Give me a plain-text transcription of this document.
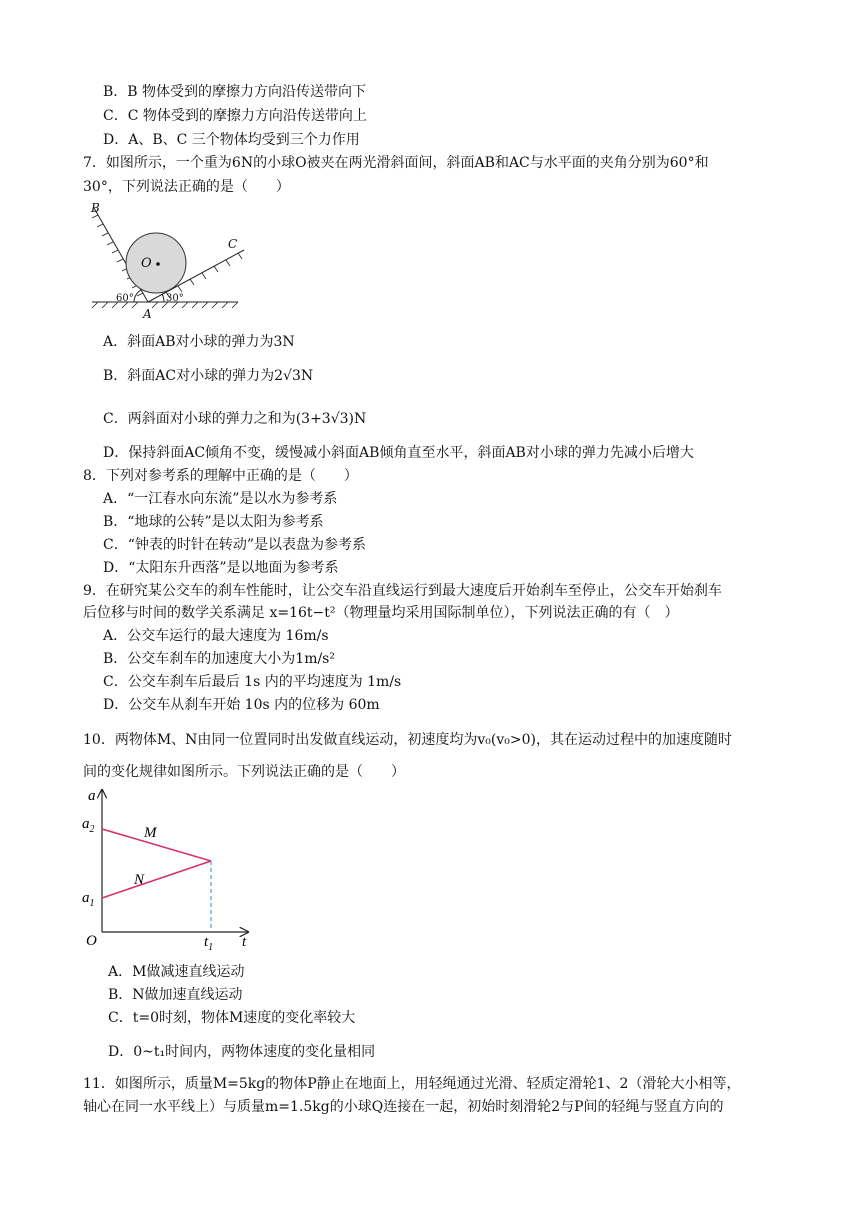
B．B 物体受到的摩擦力方向沿传送带向下
C．C 物体受到的摩擦力方向沿传送带向上
D．A、B、C 三个物体均受到三个力作用
7．如图所示，一个重为6N的小球O被夹在两光滑斜面间，斜面AB和AC与水平面的夹角分别为60°和
30°，下列说法正确的是（　　）
B
C
O
A
60°	30°
A．斜面AB对小球的弹力为3N
B．斜面AC对小球的弹力为2√3N
C．两斜面对小球的弹力之和为(3+3√3)N
D．保持斜面AC倾角不变，缓慢减小斜面AB倾角直至水平，斜面AB对小球的弹力先减小后增大
8．下列对参考系的理解中正确的是（　　）
A．“一江春水向东流”是以水为参考系
B．“地球的公转”是以太阳为参考系
C．“钟表的时针在转动”是以表盘为参考系
D．“太阳东升西落”是以地面为参考系
9．在研究某公交车的刹车性能时，让公交车沿直线运行到最大速度后开始刹车至停止，公交车开始刹车
后位移与时间的数学关系满足 x=16t−t²（物理量均采用国际制单位），下列说法正确的有（　）
A．公交车运行的最大速度为 16m/s
B．公交车刹车的加速度大小为1m/s²
C．公交车刹车后最后 1s 内的平均速度为 1m/s
D．公交车从刹车开始 10s 内的位移为 60m
10．两物体M、N由同一位置同时出发做直线运动，初速度均为v₀(v₀>0)，其在运动过程中的加速度随时
间的变化规律如图所示。下列说法正确的是（　　）
a
t
O
$a_2$
$a_1$
$t_1$
M
N
A．M做减速直线运动
B．N做加速直线运动
C．t=0时刻，物体M速度的变化率较大
D．0~t₁时间内，两物体速度的变化量相同
11．如图所示，质量M=5kg的物体P静止在地面上，用轻绳通过光滑、轻质定滑轮1、2（滑轮大小相等，
轴心在同一水平线上）与质量m=1.5kg的小球Q连接在一起，初始时刻滑轮2与P间的轻绳与竖直方向的
